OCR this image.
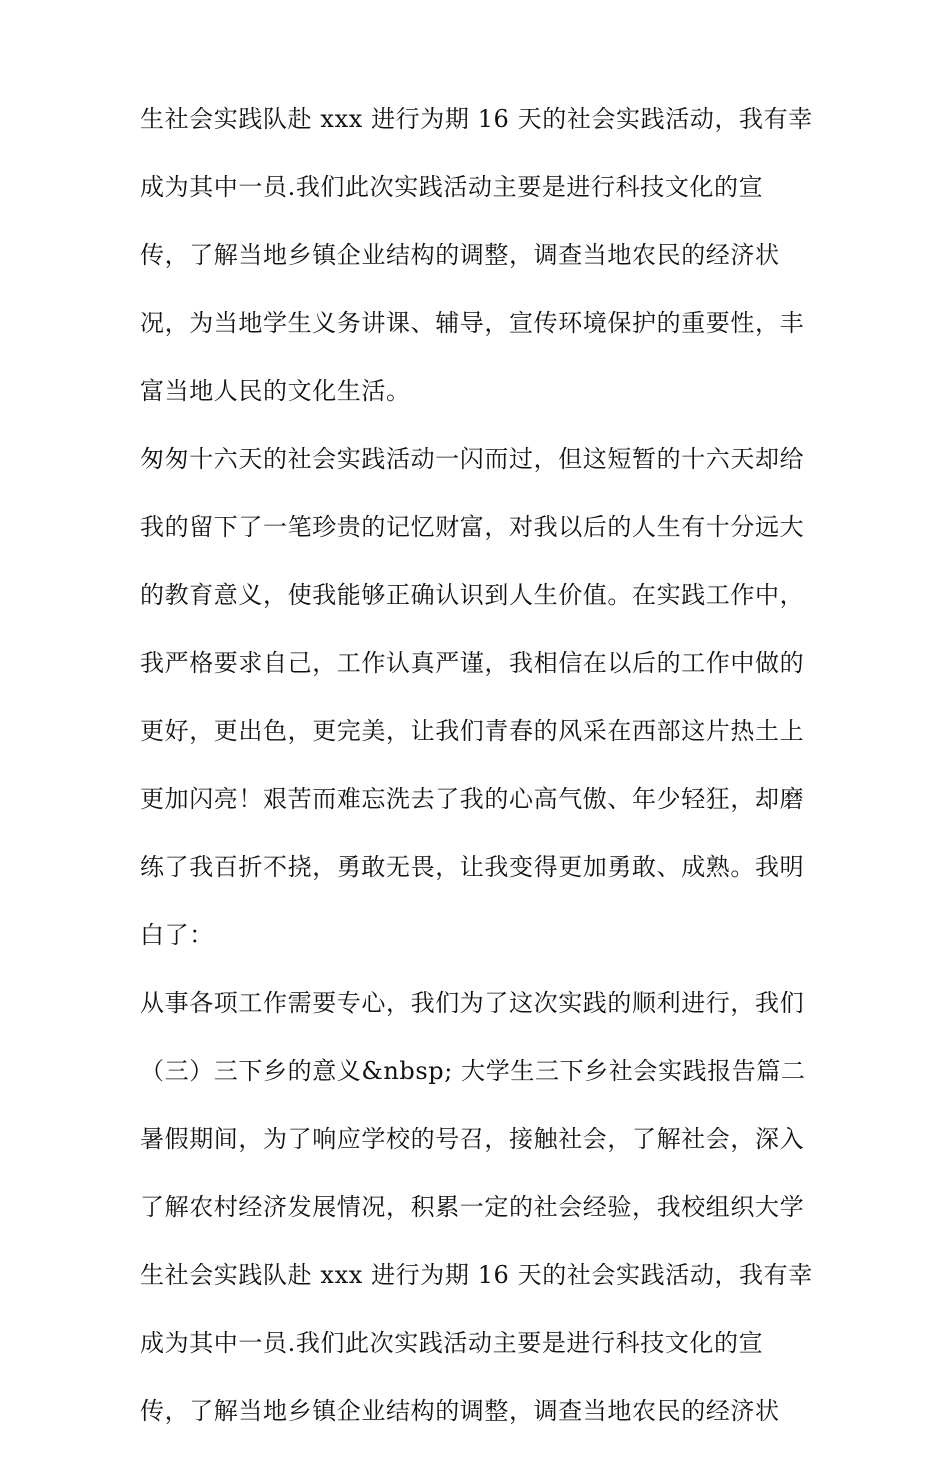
生社会实践队赴 xxx 进行为期 16 天的社会实践活动，我有幸

成为其中一员.我们此次实践活动主要是进行科技文化的宣

传，了解当地乡镇企业结构的调整，调查当地农民的经济状

况，为当地学生义务讲课、辅导，宣传环境保护的重要性，丰

富当地人民的文化生活。

匆匆十六天的社会实践活动一闪而过，但这短暂的十六天却给

我的留下了一笔珍贵的记忆财富，对我以后的人生有十分远大

的教育意义，使我能够正确认识到人生价值。在实践工作中，

我严格要求自己，工作认真严谨，我相信在以后的工作中做的

更好，更出色，更完美，让我们青春的风采在西部这片热土上

更加闪亮！艰苦而难忘洗去了我的心高气傲、年少轻狂，却磨

练了我百折不挠，勇敢无畏，让我变得更加勇敢、成熟。我明

白了：

从事各项工作需要专心，我们为了这次实践的顺利进行，我们

（三）三下乡的意义&nbsp; 大学生三下乡社会实践报告篇二

暑假期间，为了响应学校的号召，接触社会，了解社会，深入

了解农村经济发展情况，积累一定的社会经验，我校组织大学

生社会实践队赴 xxx 进行为期 16 天的社会实践活动，我有幸

成为其中一员.我们此次实践活动主要是进行科技文化的宣

传，了解当地乡镇企业结构的调整，调查当地农民的经济状
